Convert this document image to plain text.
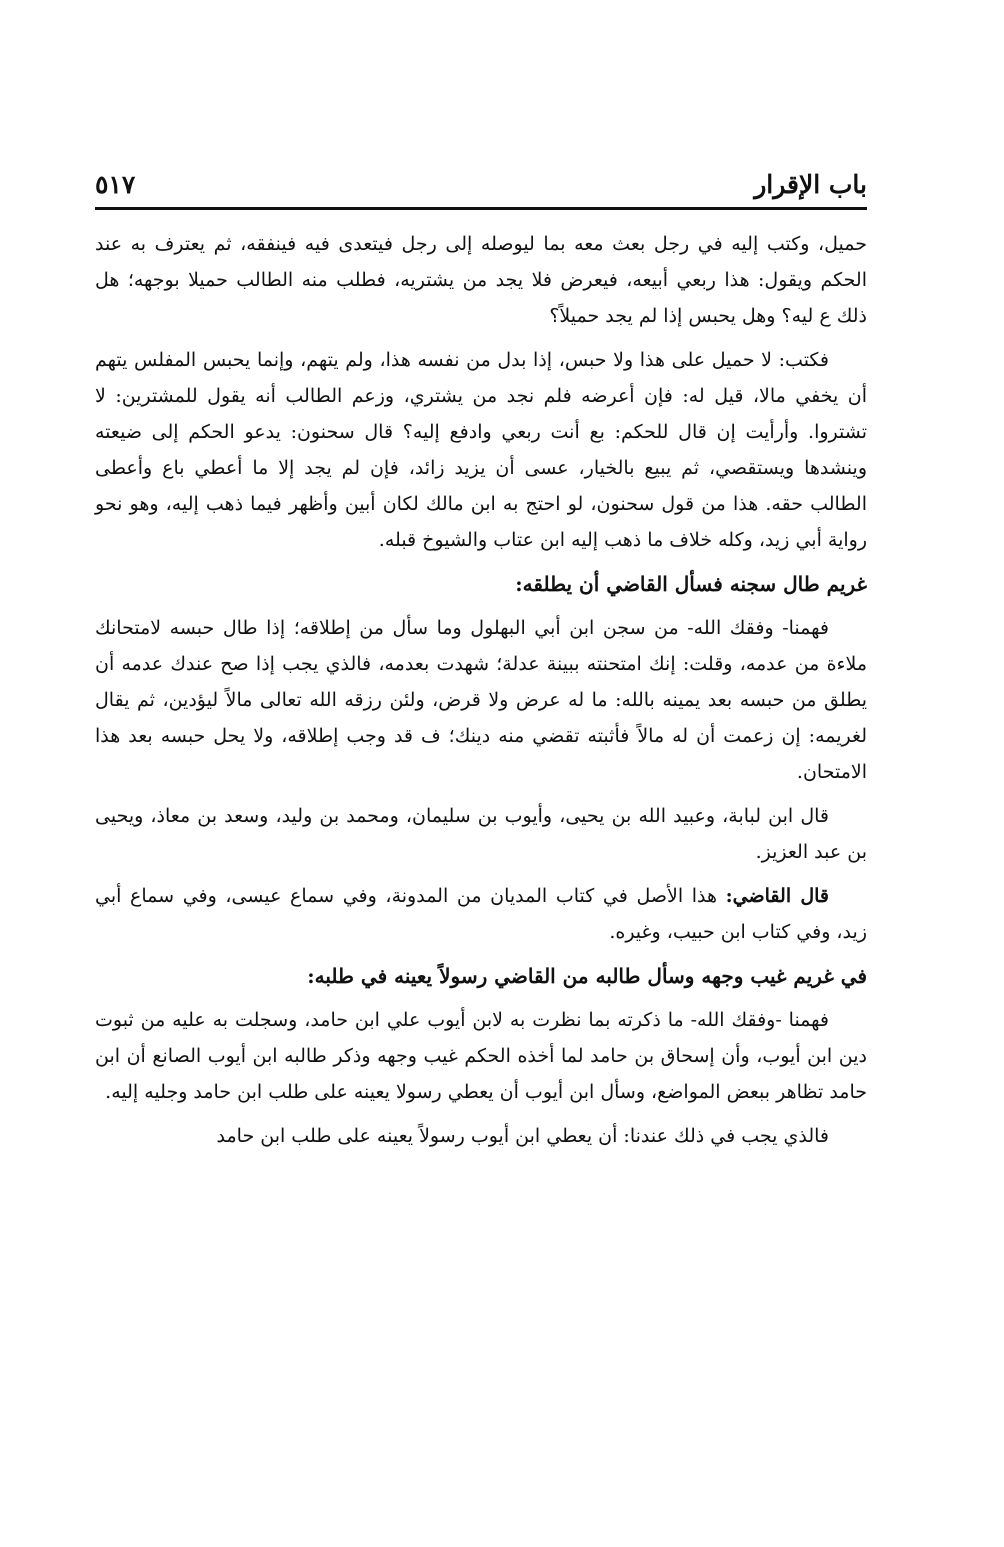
باب الإقرار
٥١٧

حميل، وكتب إليه في رجل بعث معه بما ليوصله إلى رجل فيتعدى فيه فينفقه، ثم يعترف به عند الحكم ويقول: هذا ربعي أبيعه، فيعرض فلا يجد من يشتريه، فطلب منه الطالب حميلا بوجهه؛ هل ذلك ع ليه؟ وهل يحبس إذا لم يجد حميلاً؟

فكتب: لا حميل على هذا ولا حبس، إذا بدل من نفسه هذا، ولم يتهم، وإنما يحبس المفلس يتهم أن يخفي مالا، قيل له: فإن أعرضه فلم نجد من يشتري، وزعم الطالب أنه يقول للمشترين: لا تشتروا. وأرأيت إن قال للحكم: بع أنت ربعي وادفع إليه؟ قال سحنون: يدعو الحكم إلى ضيعته وينشدها ويستقصي، ثم يبيع بالخيار، عسى أن يزيد زائد، فإن لم يجد إلا ما أعطي باع وأعطى الطالب حقه. هذا من قول سحنون، لو احتج به ابن مالك لكان أبين وأظهر فيما ذهب إليه، وهو نحو رواية أبي زيد، وكله خلاف ما ذهب إليه ابن عتاب والشيوخ قبله.

غريم طال سجنه فسأل القاضي أن يطلقه:

فهمنا- وفقك الله- من سجن ابن أبي البهلول وما سأل من إطلاقه؛ إذا طال حبسه لامتحانك ملاءة من عدمه، وقلت: إنك امتحنته ببينة عدلة؛ شهدت بعدمه، فالذي يجب إذا صح عندك عدمه أن يطلق من حبسه بعد يمينه بالله: ما له عرض ولا قرض، ولئن رزقه الله تعالى مالاً ليؤدين، ثم يقال لغريمه: إن زعمت أن له مالاً فأثبته تقضي منه دينك؛ ف قد وجب إطلاقه، ولا يحل حبسه بعد هذا الامتحان.

قال ابن لبابة، وعبيد الله بن يحيى، وأيوب بن سليمان، ومحمد بن وليد، وسعد بن معاذ، ويحيى بن عبد العزيز.

قال القاضي: هذا الأصل في كتاب المديان من المدونة، وفي سماع عيسى، وفي سماع أبي زيد، وفي كتاب ابن حبيب، وغيره.

في غريم غيب وجهه وسأل طالبه من القاضي رسولاً يعينه في طلبه:

فهمنا -وفقك الله- ما ذكرته بما نظرت به لابن أيوب علي ابن حامد، وسجلت به عليه من ثبوت دين ابن أيوب، وأن إسحاق بن حامد لما أخذه الحكم غيب وجهه وذكر طالبه ابن أيوب الصانع أن ابن حامد تظاهر ببعض المواضع، وسأل ابن أيوب أن يعطي رسولا يعينه على طلب ابن حامد وجليه إليه.

فالذي يجب في ذلك عندنا: أن يعطي ابن أيوب رسولاً يعينه على طلب ابن حامد
